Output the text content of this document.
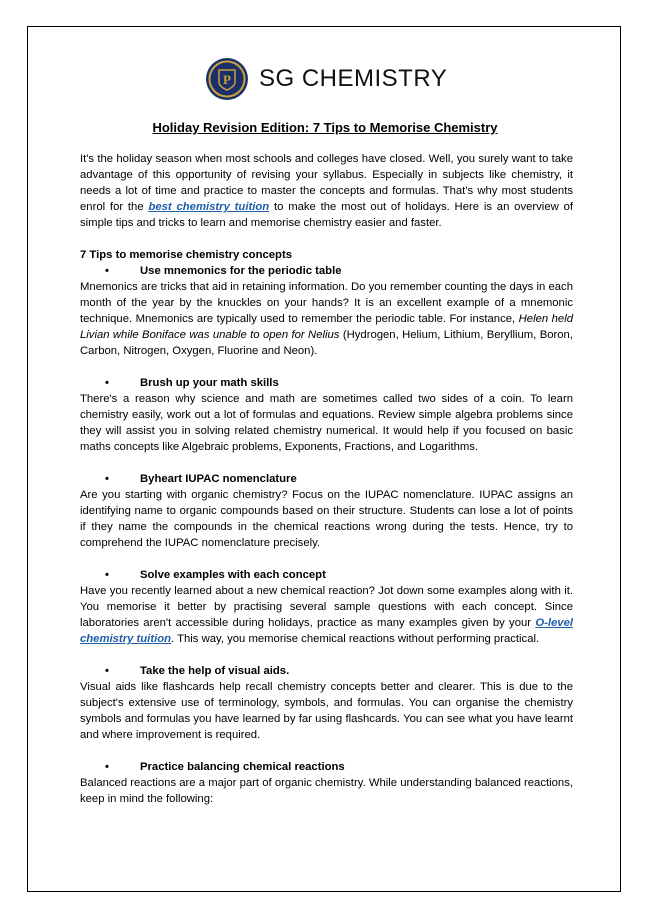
P SG CHEMISTRY
Holiday Revision Edition: 7 Tips to Memorise Chemistry

It's the holiday season when most schools and colleges have closed. Well, you surely want to take advantage of this opportunity of revising your syllabus. Especially in subjects like chemistry, it needs a lot of time and practice to master the concepts and formulas. That's why most students enrol for the best chemistry tuition to make the most out of holidays. Here is an overview of simple tips and tricks to learn and memorise chemistry easier and faster.

7 Tips to memorise chemistry concepts

•	Use mnemonics for the periodic table

Mnemonics are tricks that aid in retaining information. Do you remember counting the days in each month of the year by the knuckles on your hands? It is an excellent example of a mnemonic technique. Mnemonics are typically used to remember the periodic table. For instance, Helen held Livian while Boniface was unable to open for Nelius (Hydrogen, Helium, Lithium, Beryllium, Boron, Carbon, Nitrogen, Oxygen, Fluorine and Neon).

•	Brush up your math skills

There's a reason why science and math are sometimes called two sides of a coin. To learn chemistry easily, work out a lot of formulas and equations. Review simple algebra problems since they will assist you in solving related chemistry numerical. It would help if you focused on basic maths concepts like Algebraic problems, Exponents, Fractions, and Logarithms.

•	Byheart IUPAC nomenclature

Are you starting with organic chemistry? Focus on the IUPAC nomenclature. IUPAC assigns an identifying name to organic compounds based on their structure. Students can lose a lot of points if they name the compounds in the chemical reactions wrong during the tests. Hence, try to comprehend the IUPAC nomenclature precisely.

•	Solve examples with each concept

Have you recently learned about a new chemical reaction? Jot down some examples along with it. You memorise it better by practising several sample questions with each concept. Since laboratories aren't accessible during holidays, practice as many examples given by your O-level chemistry tuition. This way, you memorise chemical reactions without performing practical.

•	Take the help of visual aids.

Visual aids like flashcards help recall chemistry concepts better and clearer. This is due to the subject's extensive use of terminology, symbols, and formulas. You can organise the chemistry symbols and formulas you have learned by far using flashcards. You can see what you have learnt and where improvement is required.

•	Practice balancing chemical reactions

Balanced reactions are a major part of organic chemistry. While understanding balanced reactions, keep in mind the following:
